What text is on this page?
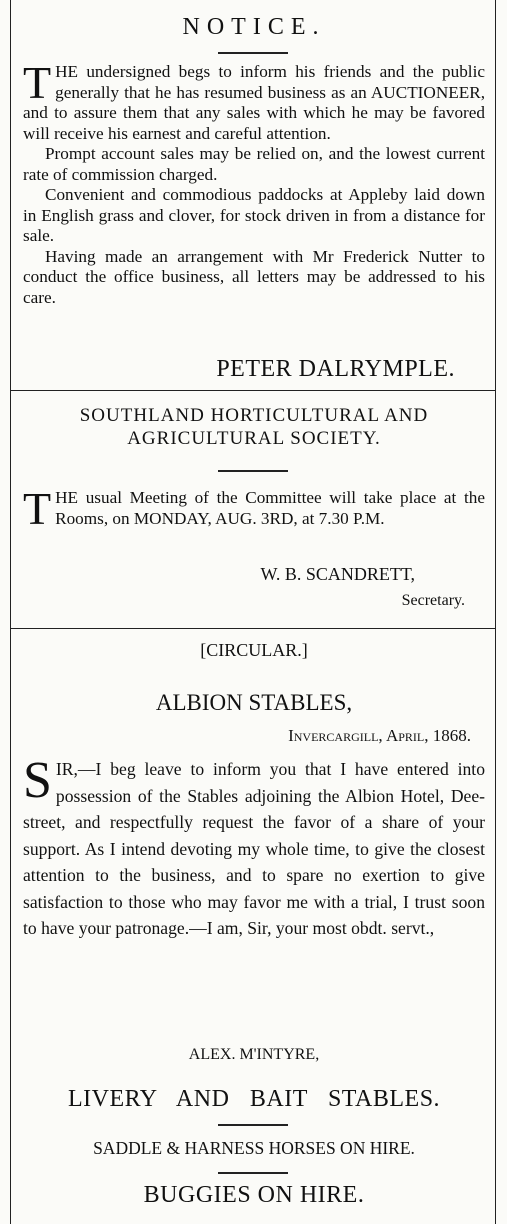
NOTICE.

THE undersigned begs to inform his friends and the public generally that he has resumed business as an AUCTIONEER, and to assure them that any sales with which he may be favored will receive his earnest and careful attention.

Prompt account sales may be relied on, and the lowest current rate of commission charged.

Convenient and commodious paddocks at Appleby laid down in English grass and clover, for stock driven in from a distance for sale.

Having made an arrangement with Mr Frederick Nutter to conduct the office business, all letters may be addressed to his care.

PETER DALRYMPLE.
SOUTHLAND HORTICULTURAL AND
AGRICULTURAL SOCIETY.

THE usual Meeting of the Committee will take place at the Rooms, on MONDAY, AUG. 3RD, at 7.30 P.M.

W. B. SCANDRETT,
Secretary.
[CIRCULAR.]
ALBION STABLES,
Invercargill, April, 1868.

SIR,—I beg leave to inform you that I have entered into possession of the Stables adjoining the Albion Hotel, Dee-street, and respectfully request the favor of a share of your support. As I intend devoting my whole time, to give the closest attention to the business, and to spare no exertion to give satisfaction to those who may favor me with a trial, I trust soon to have your patronage.—I am, Sir, your most obdt. servt.,

ALEX. M'INTYRE,
LIVERY AND BAIT STABLES.
SADDLE & HARNESS HORSES ON HIRE.
BUGGIES ON HIRE.
